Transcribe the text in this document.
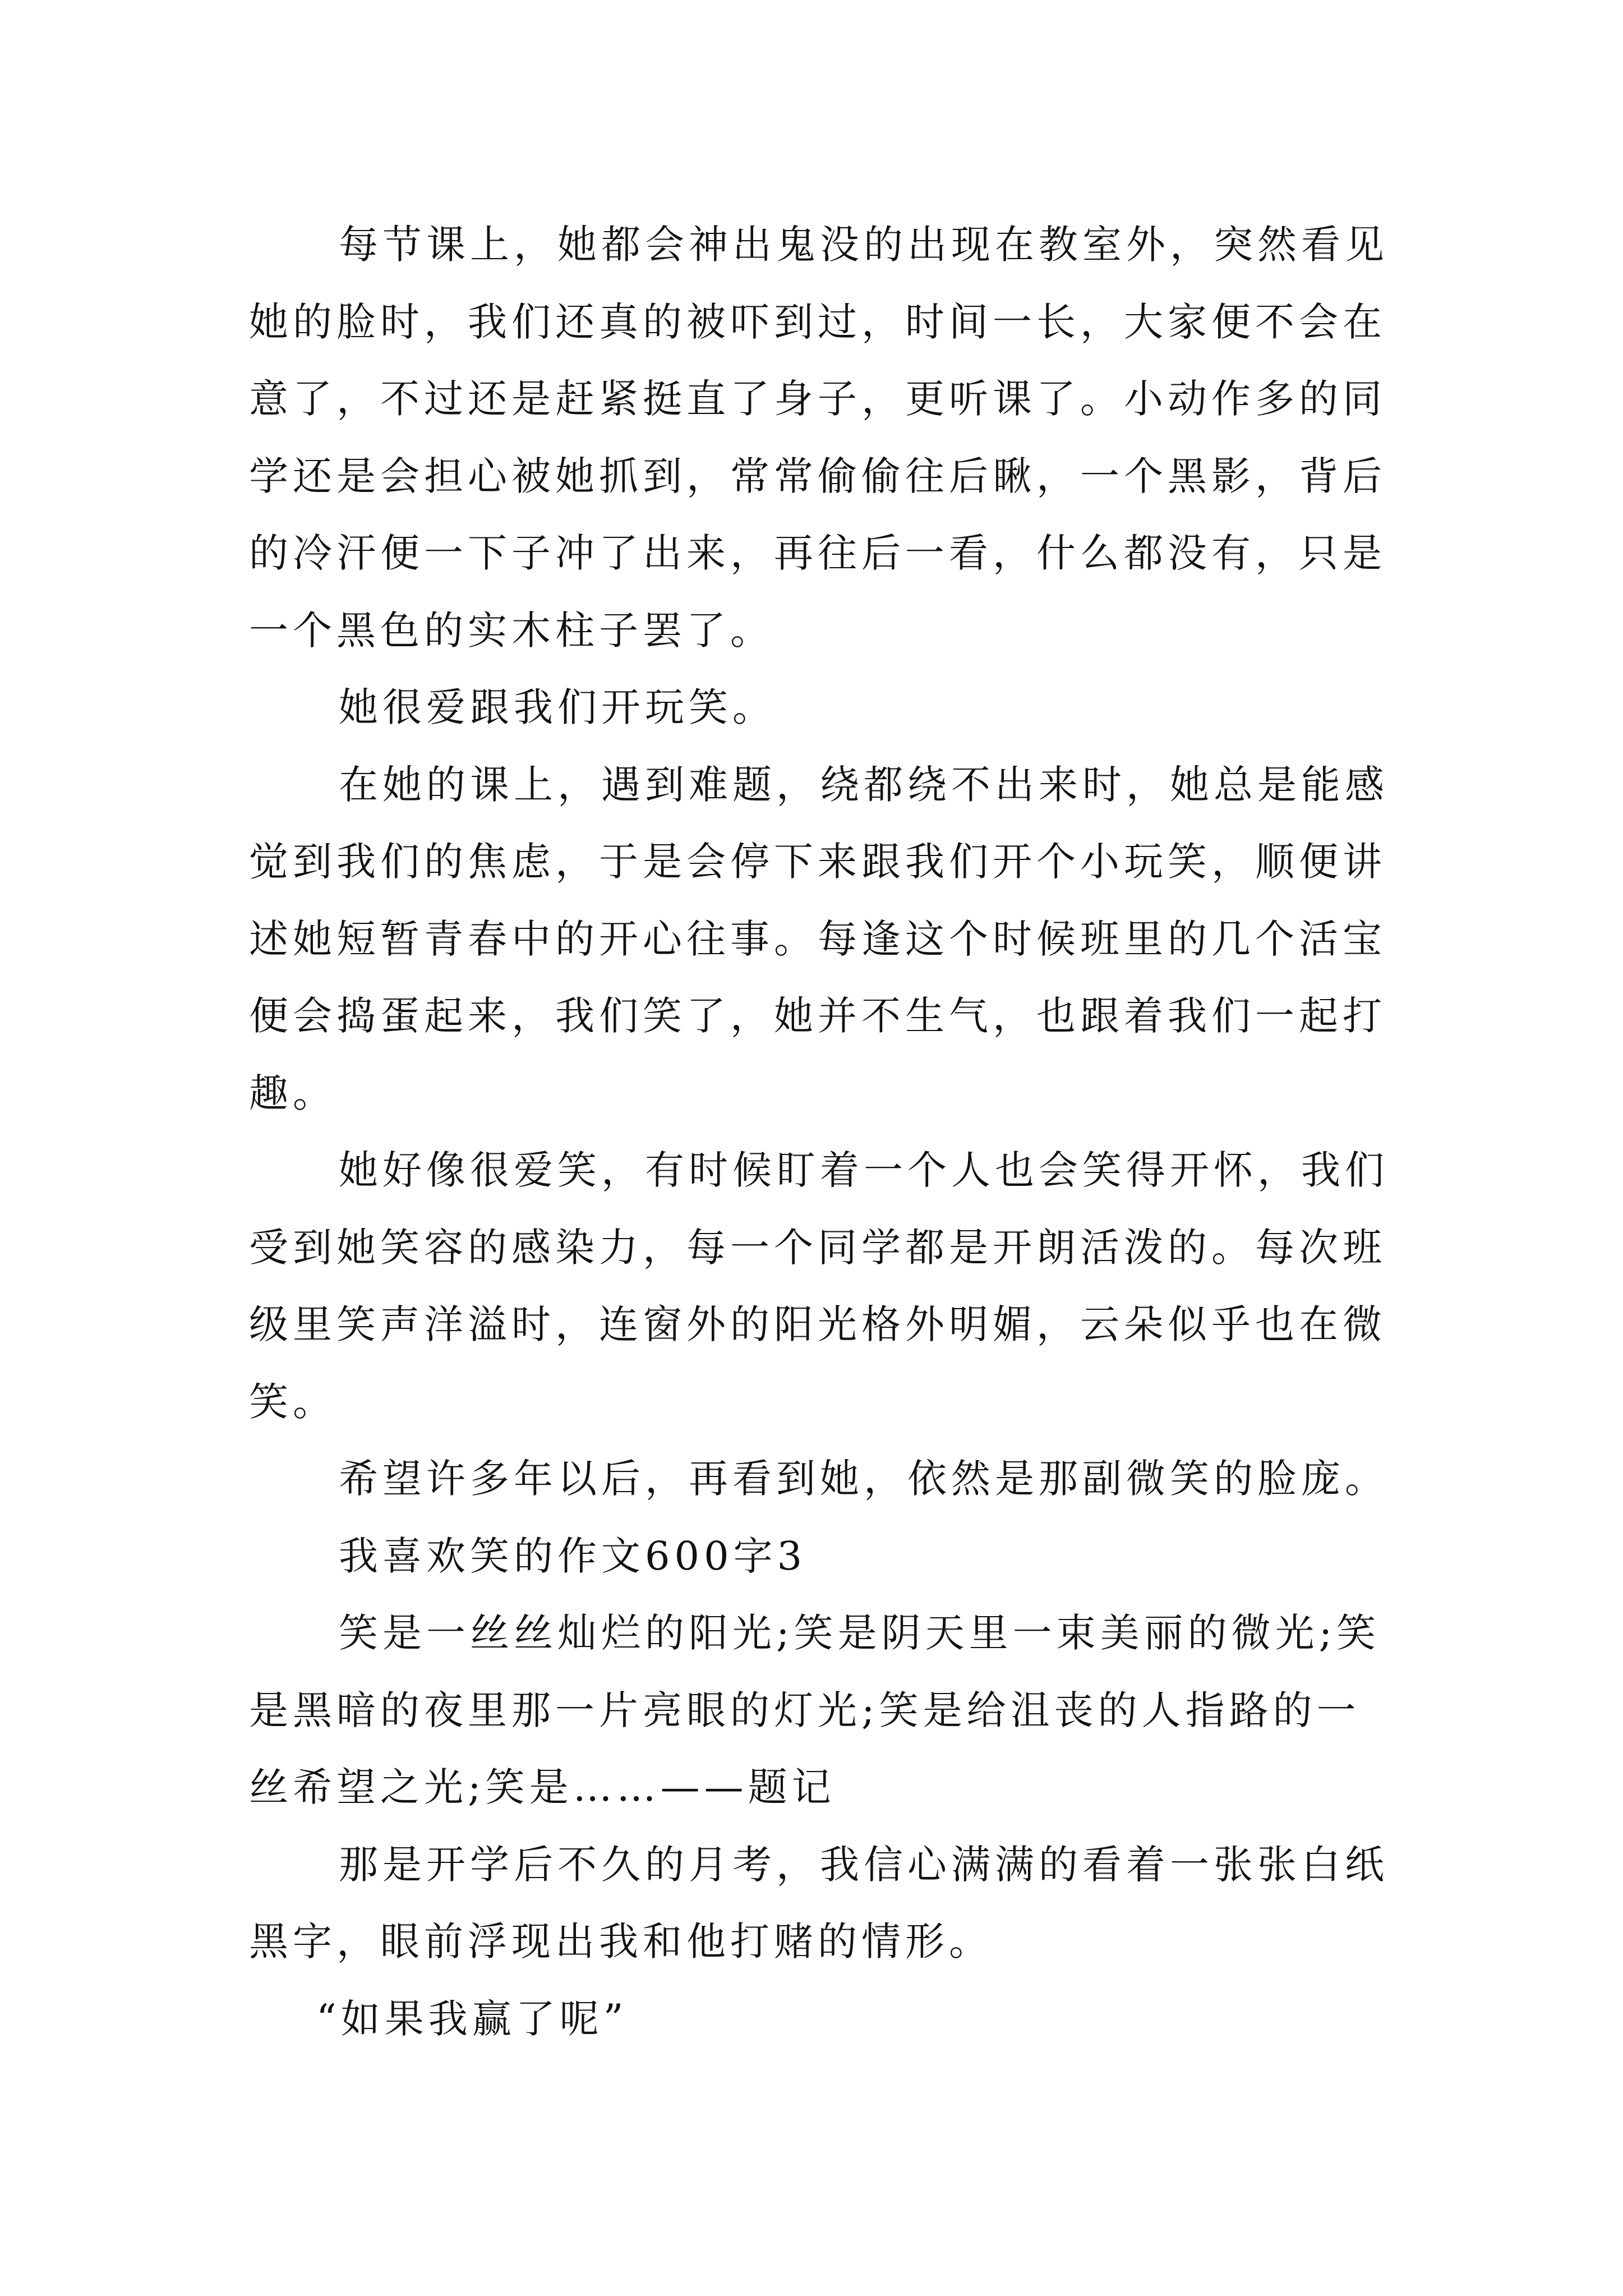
每节课上，她都会神出鬼没的出现在教室外，突然看见
她的脸时，我们还真的被吓到过，时间一长，大家便不会在
意了，不过还是赶紧挺直了身子，更听课了。小动作多的同
学还是会担心被她抓到，常常偷偷往后瞅，一个黑影，背后
的冷汗便一下子冲了出来，再往后一看，什么都没有，只是
一个黑色的实木柱子罢了。
她很爱跟我们开玩笑。
在她的课上，遇到难题，绕都绕不出来时，她总是能感
觉到我们的焦虑，于是会停下来跟我们开个小玩笑，顺便讲
述她短暂青春中的开心往事。每逢这个时候班里的几个活宝
便会捣蛋起来，我们笑了，她并不生气，也跟着我们一起打
趣。
她好像很爱笑，有时候盯着一个人也会笑得开怀，我们
受到她笑容的感染力，每一个同学都是开朗活泼的。每次班
级里笑声洋溢时，连窗外的阳光格外明媚，云朵似乎也在微
笑。
希望许多年以后，再看到她，依然是那副微笑的脸庞。
我喜欢笑的作文600字3
笑是一丝丝灿烂的阳光;笑是阴天里一束美丽的微光;笑
是黑暗的夜里那一片亮眼的灯光;笑是给沮丧的人指路的一
丝希望之光;笑是……——题记
那是开学后不久的月考，我信心满满的看着一张张白纸
黑字，眼前浮现出我和他打赌的情形。
“如果我赢了呢”
